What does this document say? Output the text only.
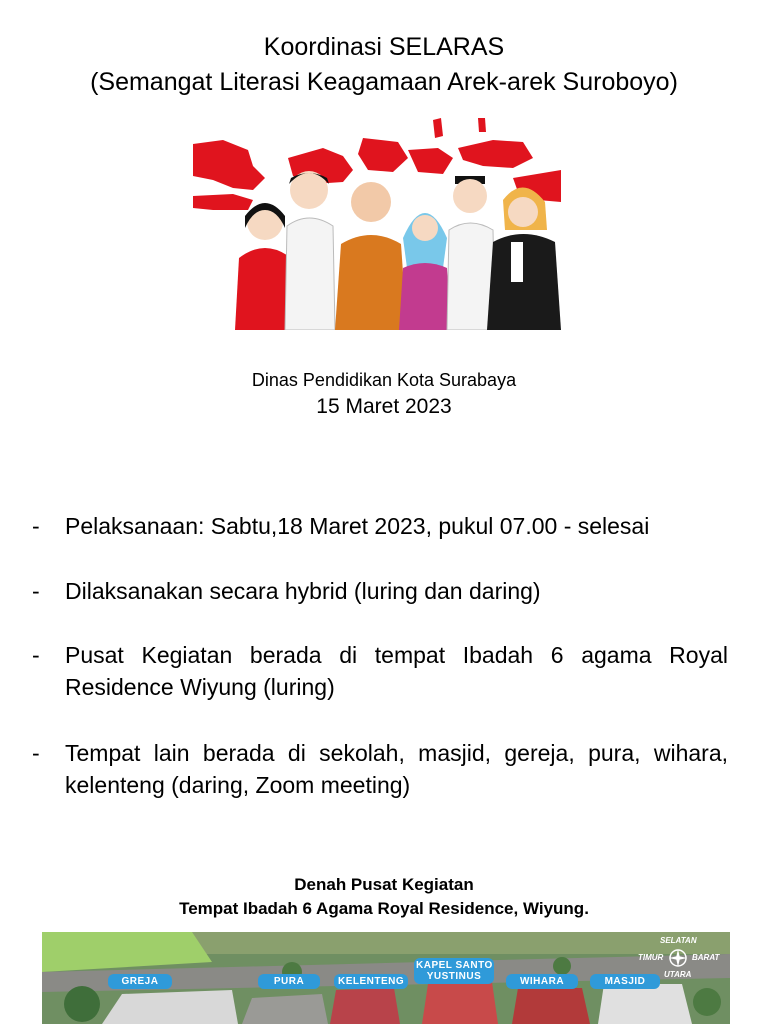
Koordinasi SELARAS
(Semangat Literasi Keagamaan Arek-arek Suroboyo)
Dinas Pendidikan Kota Surabaya
15 Maret 2023

- Pelaksanaan: Sabtu,18 Maret 2023, pukul 07.00 - selesai

- Dilaksanakan secara hybrid (luring dan daring)

- Pusat Kegiatan berada di tempat Ibadah 6 agama Royal Residence Wiyung (luring)

- Tempat lain berada di sekolah, masjid, gereja, pura, wihara, kelenteng (daring, Zoom meeting)

Denah Pusat Kegiatan
Tempat Ibadah 6 Agama Royal Residence, Wiyung.
GREJA	PURA	KELENTENG
KAPEL SANTO
YUSTINUS	WIHARA	MASJID
SELATAN
TIMUR	BARAT
UTARA
